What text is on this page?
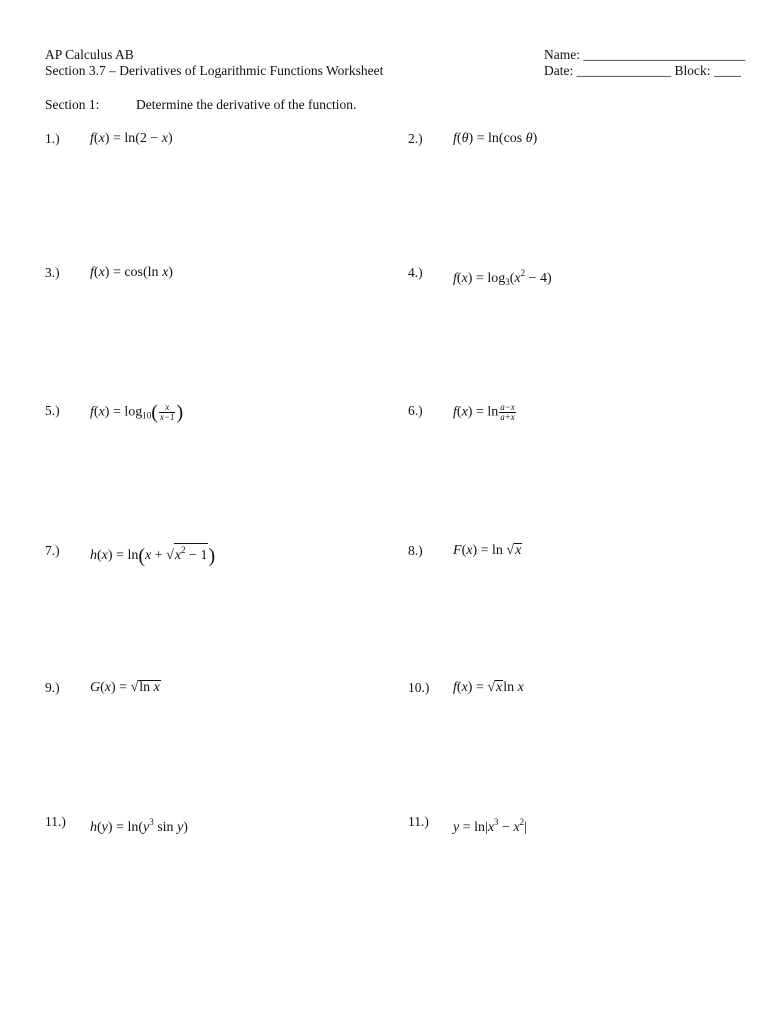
AP Calculus AB
Section 3.7 – Derivatives of Logarithmic Functions Worksheet
Name: ________________________
Date: ______________ Block: ____
Section 1:	Determine the derivative of the function.
1.) f(x) = ln(2 − x)	2.) f(θ) = ln(cos θ)
3.) f(x) = cos(ln x)	4.) $f(x) = \log_3(x^2 - 4)$
5.) $f(x) = \log_{10}( \frac{x}{x-1}$ )	6.) $f(x) = \ln \frac{a-x}{a+x}$
7.) $h(x) = \ln(x + √x^2 - 1)$	8.) F(x) = ln √x
9.) G(x) = √ln x	10.) f(x) = √xln x
11.) $h(y) = \ln(y^3$ sin y)	11.) $y = \ln|x^3 - x^2|$
